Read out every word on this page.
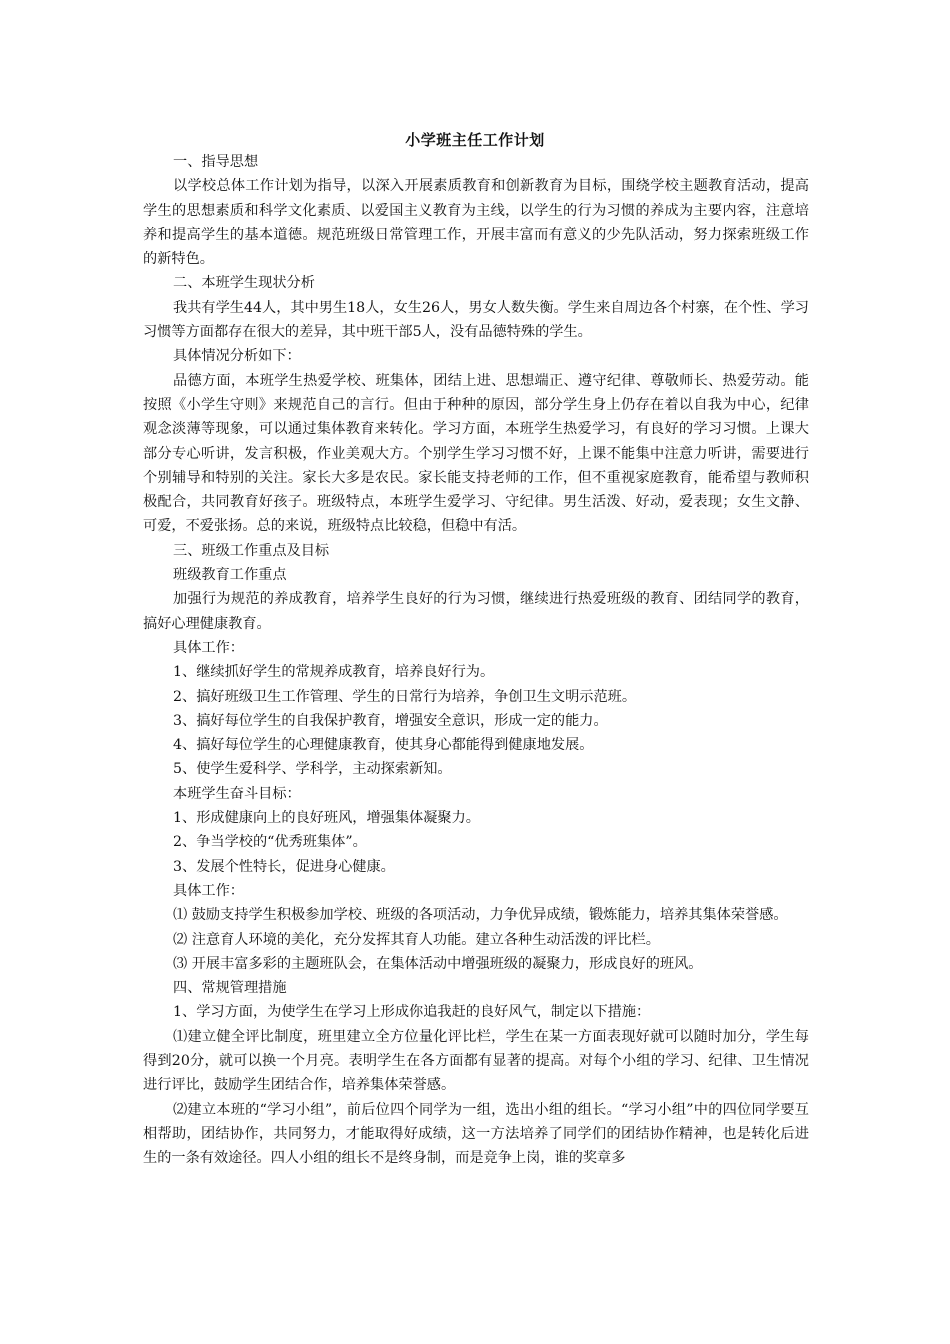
小学班主任工作计划

一、指导思想

以学校总体工作计划为指导，以深入开展素质教育和创新教育为目标，围绕学校主题教育活动，提高学生的思想素质和科学文化素质、以爱国主义教育为主线，以学生的行为习惯的养成为主要内容，注意培养和提高学生的基本道德。规范班级日常管理工作，开展丰富而有意义的少先队活动，努力探索班级工作的新特色。

二、本班学生现状分析

我共有学生44人，其中男生18人，女生26人，男女人数失衡。学生来自周边各个村寨，在个性、学习习惯等方面都存在很大的差异，其中班干部5人，没有品德特殊的学生。

具体情况分析如下：

品德方面，本班学生热爱学校、班集体，团结上进、思想端正、遵守纪律、尊敬师长、热爱劳动。能按照《小学生守则》来规范自己的言行。但由于种种的原因，部分学生身上仍存在着以自我为中心，纪律观念淡薄等现象，可以通过集体教育来转化。学习方面，本班学生热爱学习，有良好的学习习惯。上课大部分专心听讲，发言积极，作业美观大方。个别学生学习习惯不好，上课不能集中注意力听讲，需要进行个别辅导和特别的关注。家长大多是农民。家长能支持老师的工作，但不重视家庭教育，能希望与教师积极配合，共同教育好孩子。班级特点，本班学生爱学习、守纪律。男生活泼、好动，爱表现；女生文静、可爱，不爱张扬。总的来说，班级特点比较稳，但稳中有活。

三、班级工作重点及目标

班级教育工作重点

加强行为规范的养成教育，培养学生良好的行为习惯，继续进行热爱班级的教育、团结同学的教育，搞好心理健康教育。

具体工作：

1、继续抓好学生的常规养成教育，培养良好行为。

2、搞好班级卫生工作管理、学生的日常行为培养，争创卫生文明示范班。

3、搞好每位学生的自我保护教育，增强安全意识，形成一定的能力。

4、搞好每位学生的心理健康教育，使其身心都能得到健康地发展。

5、使学生爱科学、学科学，主动探索新知。

本班学生奋斗目标：

1、形成健康向上的良好班风，增强集体凝聚力。

2、争当学校的“优秀班集体”。

3、发展个性特长，促进身心健康。

具体工作：

⑴ 鼓励支持学生积极参加学校、班级的各项活动，力争优异成绩，锻炼能力，培养其集体荣誉感。

⑵ 注意育人环境的美化，充分发挥其育人功能。建立各种生动活泼的评比栏。

⑶ 开展丰富多彩的主题班队会，在集体活动中增强班级的凝聚力，形成良好的班风。

四、常规管理措施

1、学习方面，为使学生在学习上形成你追我赶的良好风气，制定以下措施：

⑴建立健全评比制度，班里建立全方位量化评比栏，学生在某一方面表现好就可以随时加分，学生每得到20分，就可以换一个月亮。表明学生在各方面都有显著的提高。对每个小组的学习、纪律、卫生情况进行评比，鼓励学生团结合作，培养集体荣誉感。

⑵建立本班的“学习小组”，前后位四个同学为一组，选出小组的组长。“学习小组”中的四位同学要互相帮助，团结协作，共同努力，才能取得好成绩，这一方法培养了同学们的团结协作精神，也是转化后进生的一条有效途径。四人小组的组长不是终身制，而是竞争上岗，谁的奖章多
